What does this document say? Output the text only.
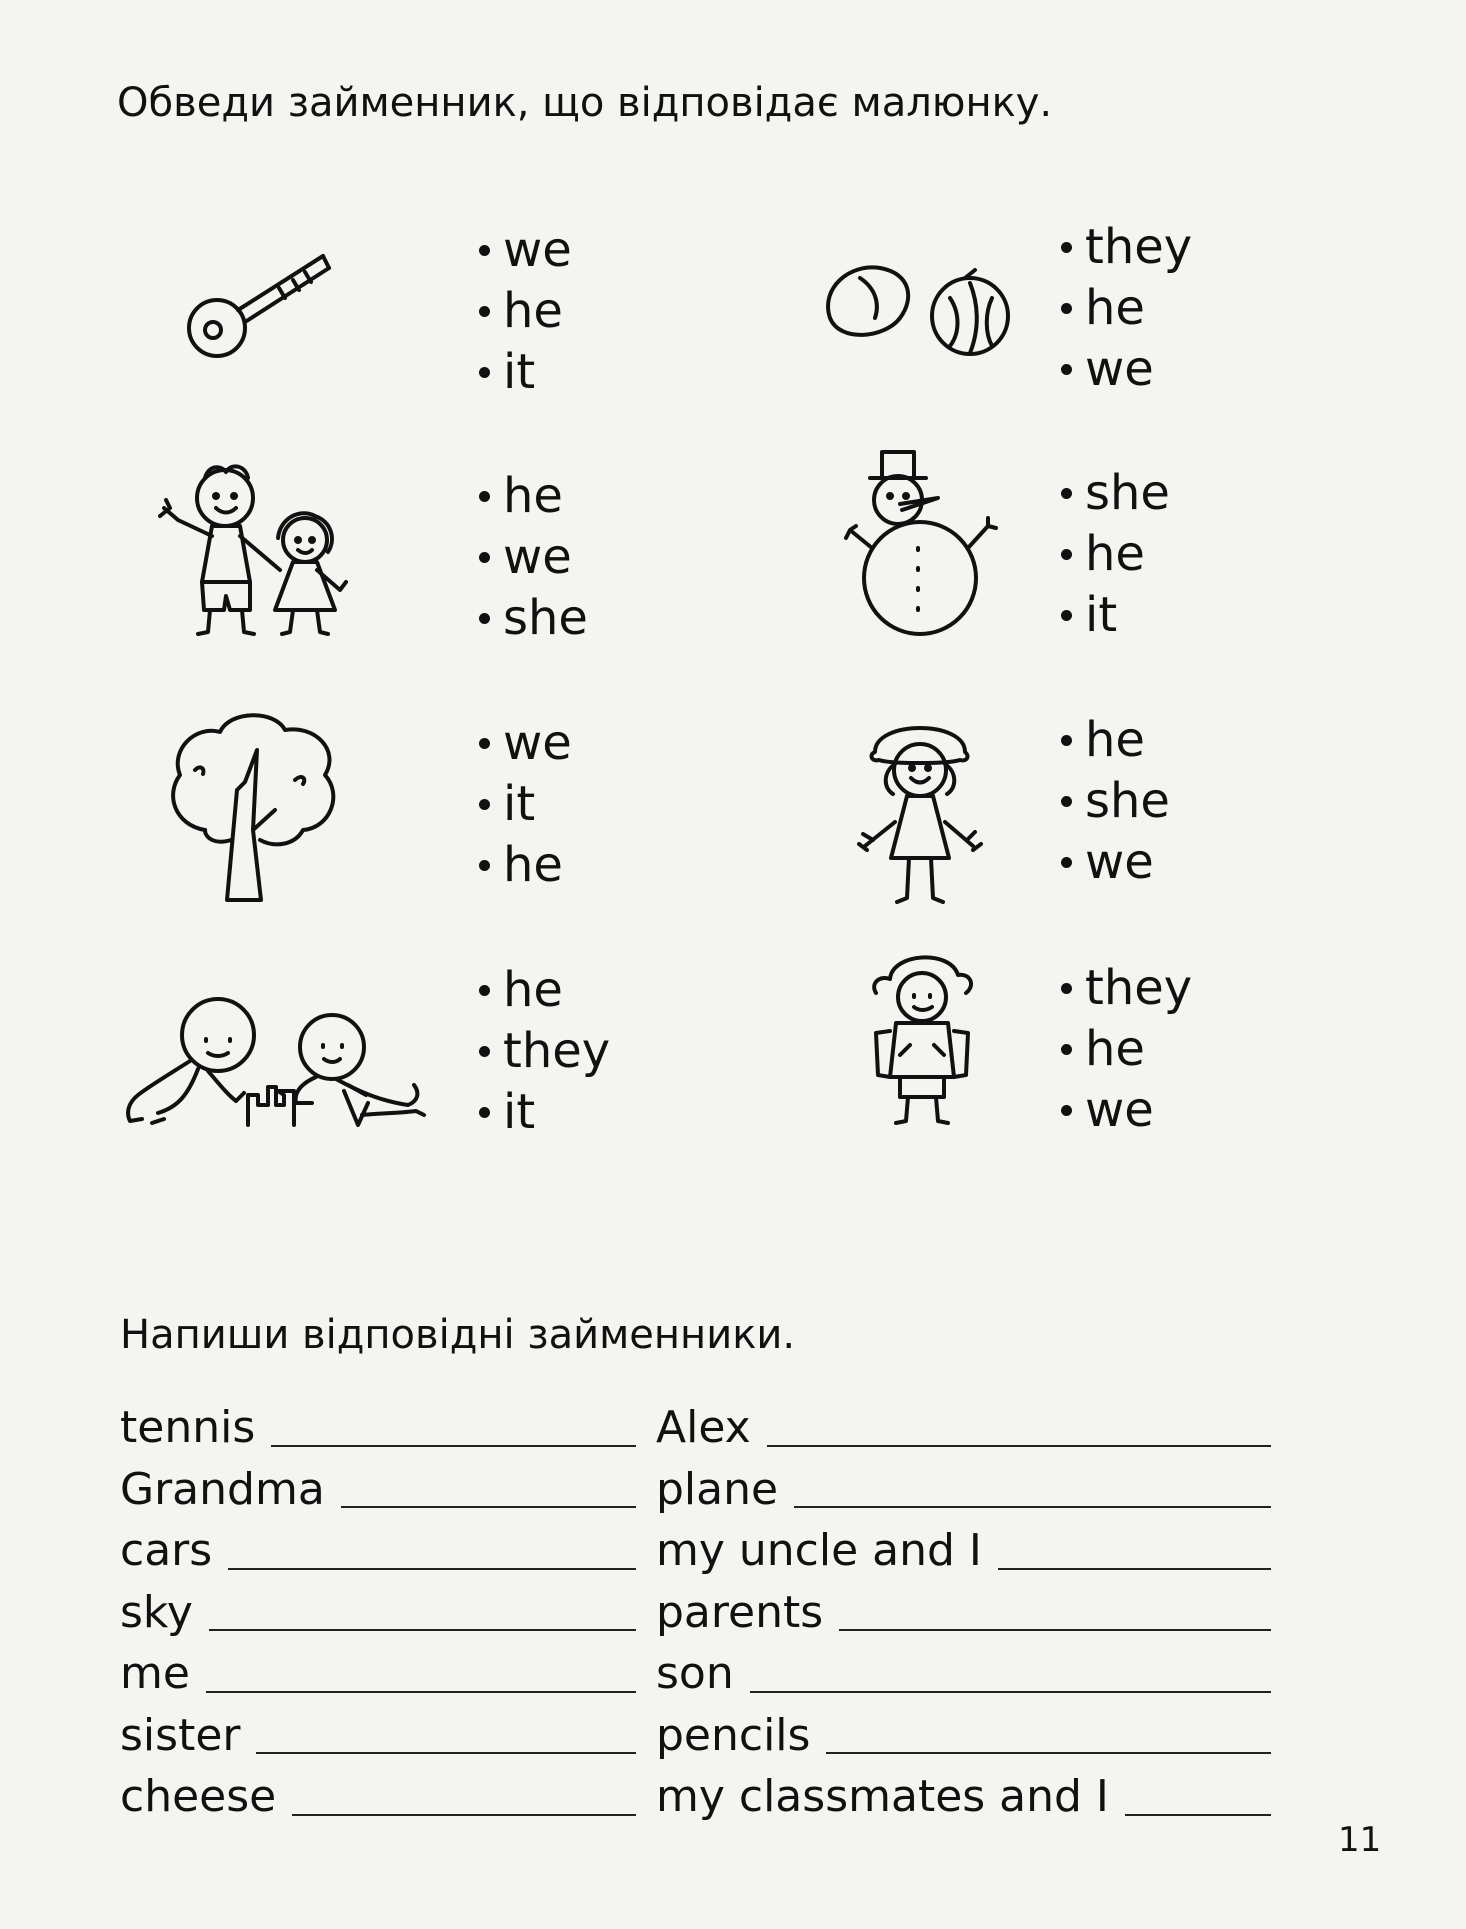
Обведи займенник, що відповідає малюнку.
we
he
it
they
he
we
he
we
she
she
he
it
we
it
he
he
she
we
he
they
it
they
he
we
Напиши відповідні займенники.
tennis
Grandma
cars
sky
me
sister
cheese
Alex
plane
my uncle and I
parents
son
pencils
my classmates and I
11
